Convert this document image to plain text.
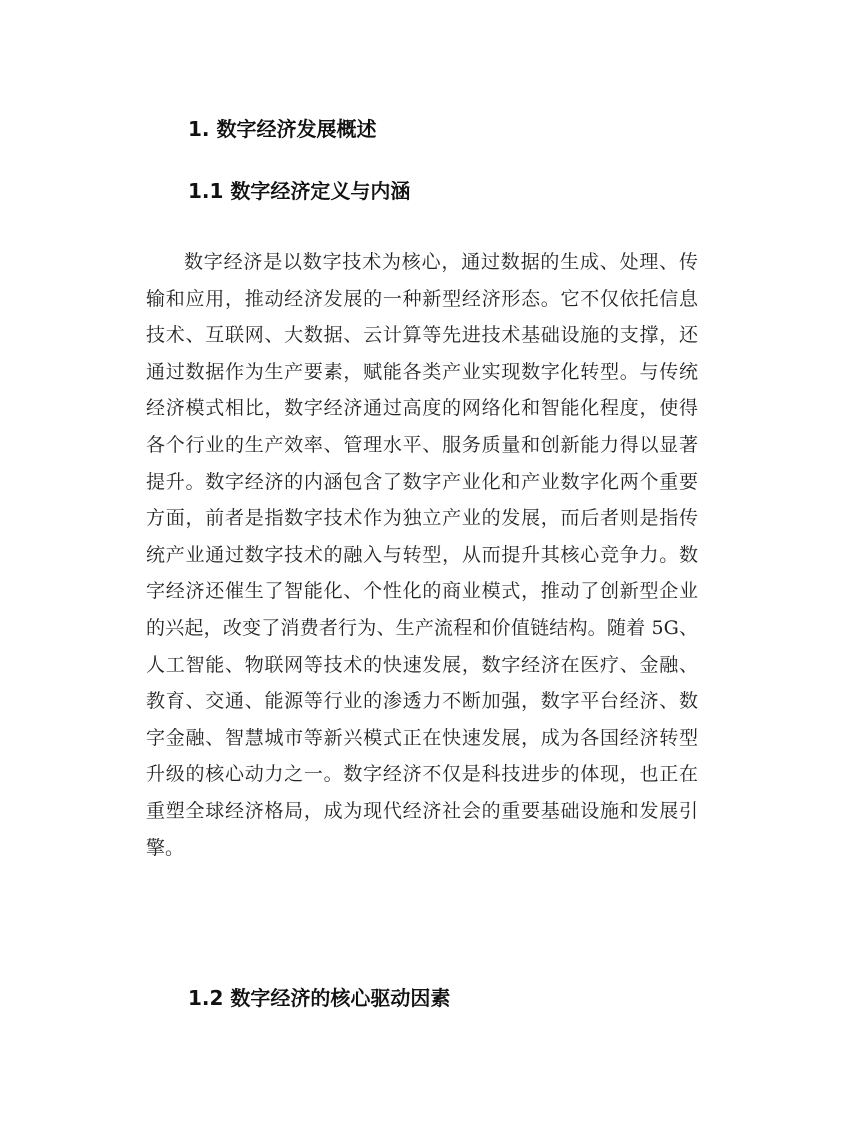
1. 数字经济发展概述
1.1 数字经济定义与内涵
数字经济是以数字技术为核心，通过数据的生成、处理、传
输和应用，推动经济发展的一种新型经济形态。它不仅依托信息
技术、互联网、大数据、云计算等先进技术基础设施的支撑，还
通过数据作为生产要素，赋能各类产业实现数字化转型。与传统
经济模式相比，数字经济通过高度的网络化和智能化程度，使得
各个行业的生产效率、管理水平、服务质量和创新能力得以显著
提升。数字经济的内涵包含了数字产业化和产业数字化两个重要
方面，前者是指数字技术作为独立产业的发展，而后者则是指传
统产业通过数字技术的融入与转型，从而提升其核心竞争力。数
字经济还催生了智能化、个性化的商业模式，推动了创新型企业
的兴起，改变了消费者行为、生产流程和价值链结构。随着 5G、
人工智能、物联网等技术的快速发展，数字经济在医疗、金融、
教育、交通、能源等行业的渗透力不断加强，数字平台经济、数
字金融、智慧城市等新兴模式正在快速发展，成为各国经济转型
升级的核心动力之一。数字经济不仅是科技进步的体现，也正在
重塑全球经济格局，成为现代经济社会的重要基础设施和发展引
擎。
1.2 数字经济的核心驱动因素
